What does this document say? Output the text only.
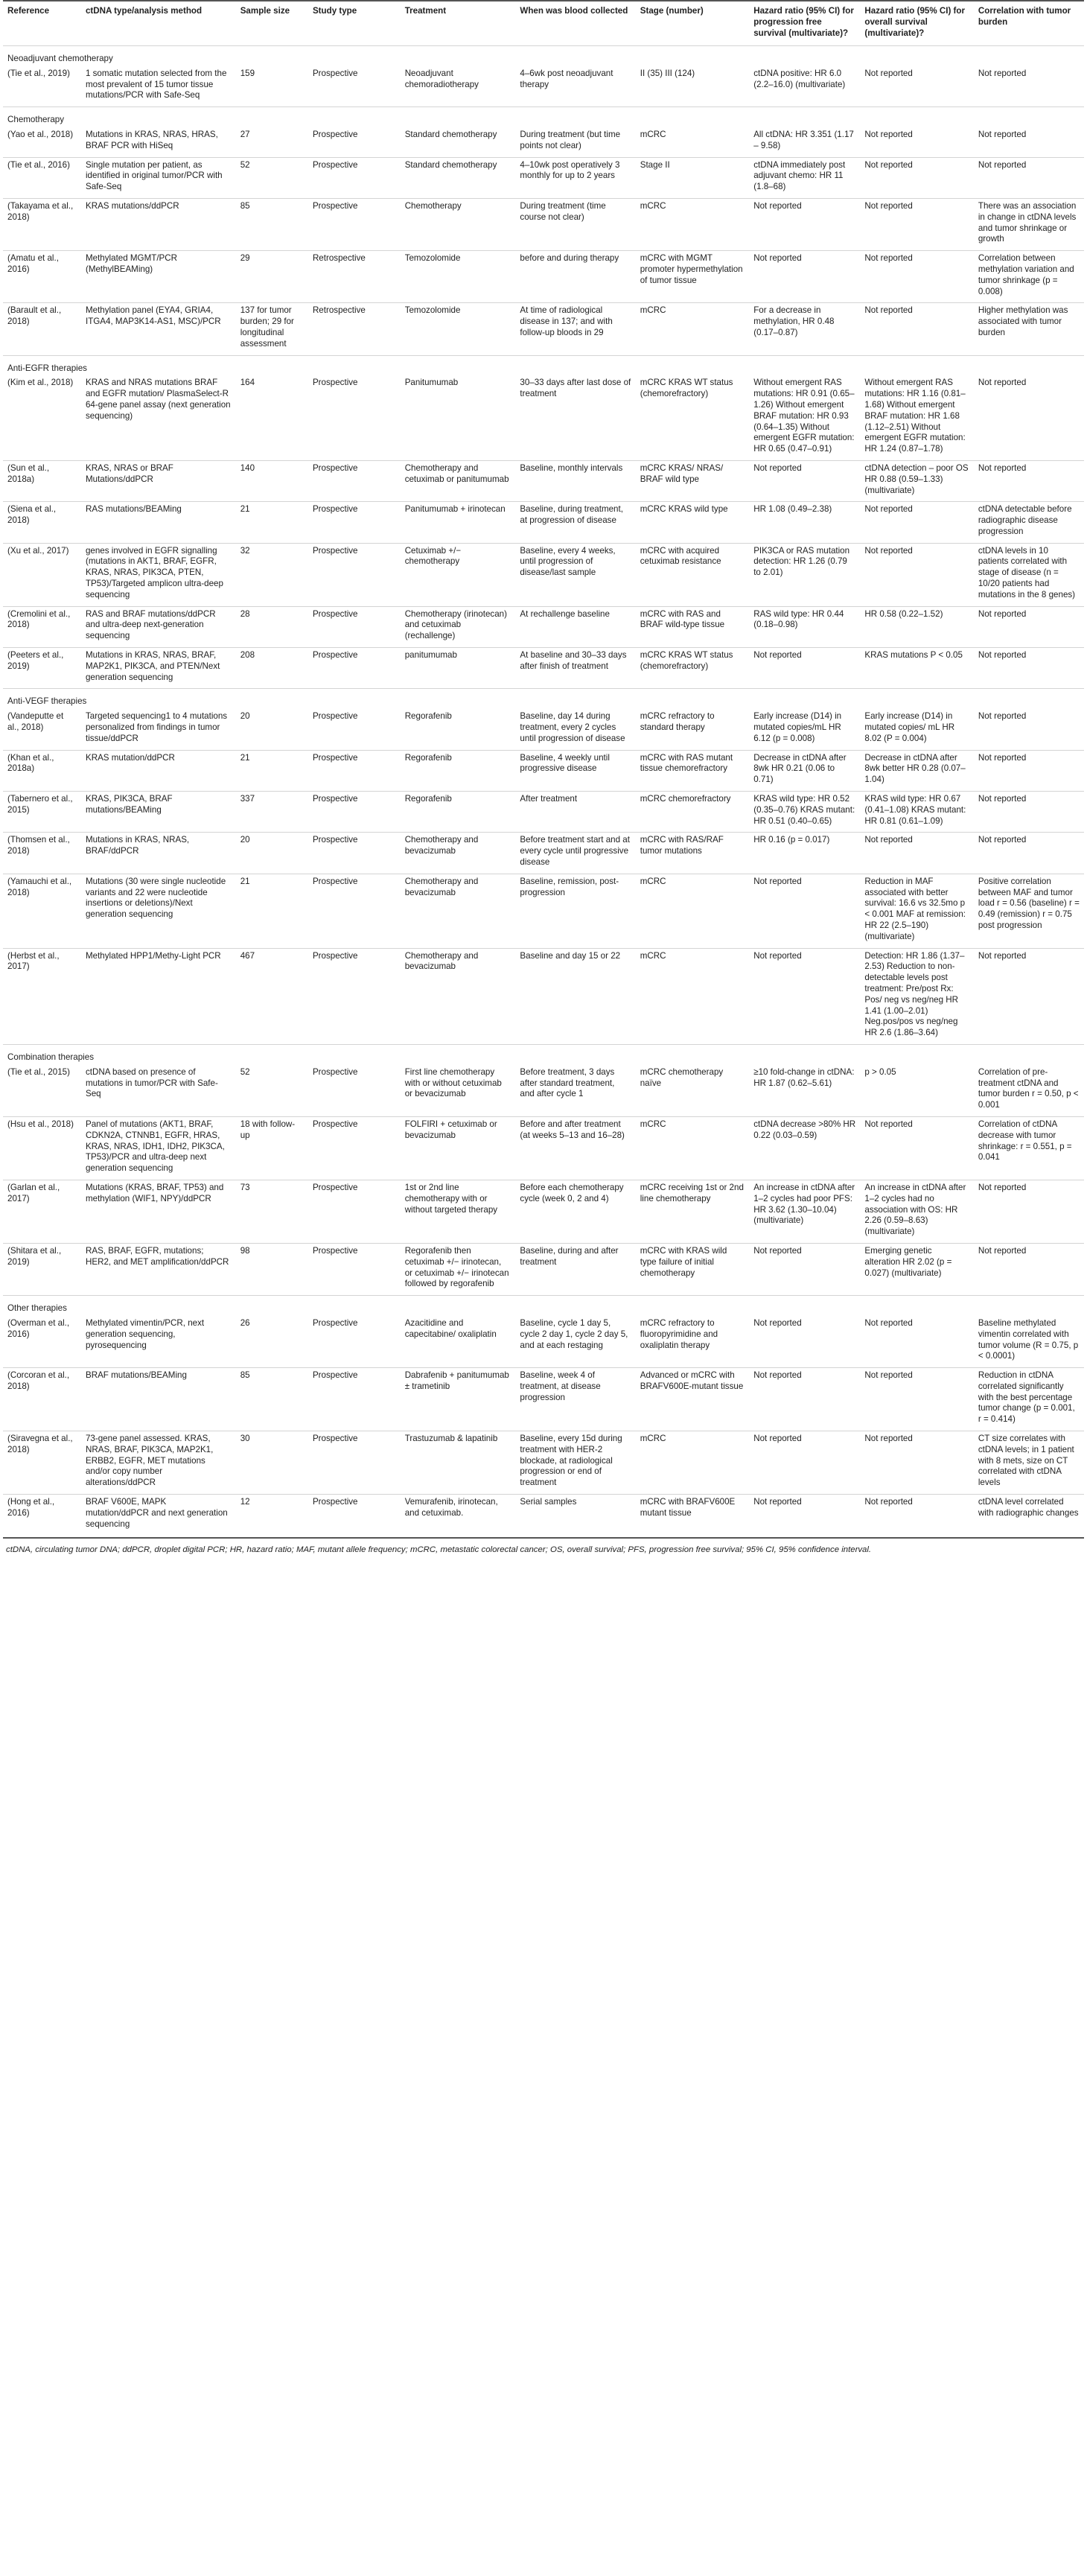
Reference	ctDNA type/analysis method	Sample size	Study type	Treatment	When was blood collected	Stage (number)	Hazard ratio (95% CI) for progression free survival (multivariate)?	Hazard ratio (95% CI) for overall survival (multivariate)?	Correlation with tumor burden
Neoadjuvant chemotherapy									
(Tie et al., 2019)	1 somatic mutation selected from the most prevalent of 15 tumor tissue mutations/PCR with Safe-Seq	159	Prospective	Neoadjuvant chemoradiotherapy	4–6wk post neoadjuvant therapy	II (35) III (124)	ctDNA positive: HR 6.0 (2.2–16.0) (multivariate)	Not reported	Not reported
Chemotherapy									
(Yao et al., 2018)	Mutations in KRAS, NRAS, HRAS, BRAF PCR with HiSeq	27	Prospective	Standard chemotherapy	During treatment (but time points not clear)	mCRC	All ctDNA: HR 3.351 (1.17 – 9.58)	Not reported	Not reported
(Tie et al., 2016)	Single mutation per patient, as identified in original tumor/PCR with Safe-Seq	52	Prospective	Standard chemotherapy	4–10wk post operatively 3 monthly for up to 2 years	Stage II	ctDNA immediately post adjuvant chemo: HR 11 (1.8–68)	Not reported	Not reported
(Takayama et al., 2018)	KRAS mutations/ddPCR	85	Prospective	Chemotherapy	During treatment (time course not clear)	mCRC	Not reported	Not reported	There was an association in change in ctDNA levels and tumor shrinkage or growth
(Amatu et al., 2016)	Methylated MGMT/PCR (MethylBEAMing)	29	Retrospective	Temozolomide	before and during therapy	mCRC with MGMT promoter hypermethylation of tumor tissue	Not reported	Not reported	Correlation between methylation variation and tumor shrinkage (p = 0.008)
(Barault et al., 2018)	Methylation panel (EYA4, GRIA4, ITGA4, MAP3K14-AS1, MSC)/PCR	137 for tumor burden; 29 for longitudinal assessment	Retrospective	Temozolomide	At time of radiological disease in 137; and with follow-up bloods in 29	mCRC	For a decrease in methylation, HR 0.48 (0.17–0.87)	Not reported	Higher methylation was associated with tumor burden
Anti-EGFR therapies									
(Kim et al., 2018)	KRAS and NRAS mutations BRAF and EGFR mutation/ PlasmaSelect-R 64-gene panel assay (next generation sequencing)	164	Prospective	Panitumumab	30–33 days after last dose of treatment	mCRC KRAS WT status (chemorefractory)	Without emergent RAS mutations: HR 0.91 (0.65–1.26) Without emergent BRAF mutation: HR 0.93 (0.64–1.35) Without emergent EGFR mutation: HR 0.65 (0.47–0.91)	Without emergent RAS mutations: HR 1.16 (0.81–1.68) Without emergent BRAF mutation: HR 1.68 (1.12–2.51) Without emergent EGFR mutation: HR 1.24 (0.87–1.78)	Not reported
(Sun et al., 2018a)	KRAS, NRAS or BRAF Mutations/ddPCR	140	Prospective	Chemotherapy and cetuximab or panitumumab	Baseline, monthly intervals	mCRC KRAS/ NRAS/ BRAF wild type	Not reported	ctDNA detection – poor OS HR 0.88 (0.59–1.33) (multivariate)	Not reported
(Siena et al., 2018)	RAS mutations/BEAMing	21	Prospective	Panitumumab + irinotecan	Baseline, during treatment, at progression of disease	mCRC KRAS wild type	HR 1.08 (0.49–2.38)	Not reported	ctDNA detectable before radiographic disease progression
(Xu et al., 2017)	genes involved in EGFR signalling (mutations in AKT1, BRAF, EGFR, KRAS, NRAS, PIK3CA, PTEN, TP53)/Targeted amplicon ultra-deep sequencing	32	Prospective	Cetuximab +/− chemotherapy	Baseline, every 4 weeks, until progression of disease/last sample	mCRC with acquired cetuximab resistance	PIK3CA or RAS mutation detection: HR 1.26 (0.79 to 2.01)	Not reported	ctDNA levels in 10 patients correlated with stage of disease (n = 10/20 patients had mutations in the 8 genes)
(Cremolini et al., 2018)	RAS and BRAF mutations/ddPCR and ultra-deep next-generation sequencing	28	Prospective	Chemotherapy (irinotecan) and cetuximab (rechallenge)	At rechallenge baseline	mCRC with RAS and BRAF wild-type tissue	RAS wild type: HR 0.44 (0.18–0.98)	HR 0.58 (0.22–1.52)	Not reported
(Peeters et al., 2019)	Mutations in KRAS, NRAS, BRAF, MAP2K1, PIK3CA, and PTEN/Next generation sequencing	208	Prospective	panitumumab	At baseline and 30–33 days after finish of treatment	mCRC KRAS WT status (chemorefractory)	Not reported	KRAS mutations P < 0.05	Not reported
Anti-VEGF therapies									
(Vandeputte et al., 2018)	Targeted sequencing1 to 4 mutations personalized from findings in tumor tissue/ddPCR	20	Prospective	Regorafenib	Baseline, day 14 during treatment, every 2 cycles until progression of disease	mCRC refractory to standard therapy	Early increase (D14) in mutated copies/mL HR 6.12 (p = 0.008)	Early increase (D14) in mutated copies/ mL HR 8.02 (P = 0.004)	Not reported
(Khan et al., 2018a)	KRAS mutation/ddPCR	21	Prospective	Regorafenib	Baseline, 4 weekly until progressive disease	mCRC with RAS mutant tissue chemorefractory	Decrease in ctDNA after 8wk HR 0.21 (0.06 to 0.71)	Decrease in ctDNA after 8wk better HR 0.28 (0.07–1.04)	Not reported
(Tabernero et al., 2015)	KRAS, PIK3CA, BRAF mutations/BEAMing	337	Prospective	Regorafenib	After treatment	mCRC chemorefractory	KRAS wild type: HR 0.52 (0.35–0.76) KRAS mutant: HR 0.51 (0.40–0.65)	KRAS wild type: HR 0.67 (0.41–1.08) KRAS mutant: HR 0.81 (0.61–1.09)	Not reported
(Thomsen et al., 2018)	Mutations in KRAS, NRAS, BRAF/ddPCR	20	Prospective	Chemotherapy and bevacizumab	Before treatment start and at every cycle until progressive disease	mCRC with RAS/RAF tumor mutations	HR 0.16 (p = 0.017)	Not reported	Not reported
(Yamauchi et al., 2018)	Mutations (30 were single nucleotide variants and 22 were nucleotide insertions or deletions)/Next generation sequencing	21	Prospective	Chemotherapy and bevacizumab	Baseline, remission, post-progression	mCRC	Not reported	Reduction in MAF associated with better survival: 16.6 vs 32.5mo p < 0.001 MAF at remission: HR 22 (2.5–190) (multivariate)	Positive correlation between MAF and tumor load r = 0.56 (baseline) r = 0.49 (remission) r = 0.75 post progression
(Herbst et al., 2017)	Methylated HPP1/Methy-Light PCR	467	Prospective	Chemotherapy and bevacizumab	Baseline and day 15 or 22	mCRC	Not reported	Detection: HR 1.86 (1.37–2.53) Reduction to non-detectable levels post treatment: Pre/post Rx: Pos/ neg vs neg/neg HR 1.41 (1.00–2.01) Neg.pos/pos vs neg/neg HR 2.6 (1.86–3.64)	Not reported
Combination therapies									
(Tie et al., 2015)	ctDNA based on presence of mutations in tumor/PCR with Safe-Seq	52	Prospective	First line chemotherapy with or without cetuximab or bevacizumab	Before treatment, 3 days after standard treatment, and after cycle 1	mCRC chemotherapy naïve	≥10 fold-change in ctDNA: HR 1.87 (0.62–5.61)	p > 0.05	Correlation of pre-treatment ctDNA and tumor burden r = 0.50, p < 0.001
(Hsu et al., 2018)	Panel of mutations (AKT1, BRAF, CDKN2A, CTNNB1, EGFR, HRAS, KRAS, NRAS, IDH1, IDH2, PIK3CA, TP53)/PCR and ultra-deep next generation sequencing	18 with follow-up	Prospective	FOLFIRI + cetuximab or bevacizumab	Before and after treatment (at weeks 5–13 and 16–28)	mCRC	ctDNA decrease >80% HR 0.22 (0.03–0.59)	Not reported	Correlation of ctDNA decrease with tumor shrinkage: r = 0.551, p = 0.041
(Garlan et al., 2017)	Mutations (KRAS, BRAF, TP53) and methylation (WIF1, NPY)/ddPCR	73	Prospective	1st or 2nd line chemotherapy with or without targeted therapy	Before each chemotherapy cycle (week 0, 2 and 4)	mCRC receiving 1st or 2nd line chemotherapy	An increase in ctDNA after 1–2 cycles had poor PFS: HR 3.62 (1.30–10.04) (multivariate)	An increase in ctDNA after 1–2 cycles had no association with OS: HR 2.26 (0.59–8.63) (multivariate)	Not reported
(Shitara et al., 2019)	RAS, BRAF, EGFR, mutations; HER2, and MET amplification/ddPCR	98	Prospective	Regorafenib then cetuximab +/− irinotecan, or cetuximab +/− irinotecan followed by regorafenib	Baseline, during and after treatment	mCRC with KRAS wild type failure of initial chemotherapy	Not reported	Emerging genetic alteration HR 2.02 (p = 0.027) (multivariate)	Not reported
Other therapies									
(Overman et al., 2016)	Methylated vimentin/PCR, next generation sequencing, pyrosequencing	26	Prospective	Azacitidine and capecitabine/ oxaliplatin	Baseline, cycle 1 day 5, cycle 2 day 1, cycle 2 day 5, and at each restaging	mCRC refractory to fluoropyrimidine and oxaliplatin therapy	Not reported	Not reported	Baseline methylated vimentin correlated with tumor volume (R = 0.75, p < 0.0001)
(Corcoran et al., 2018)	BRAF mutations/BEAMing	85	Prospective	Dabrafenib + panitumumab ± trametinib	Baseline, week 4 of treatment, at disease progression	Advanced or mCRC with BRAFV600E-mutant tissue	Not reported	Not reported	Reduction in ctDNA correlated significantly with the best percentage tumor change (p = 0.001, r = 0.414)
(Siravegna et al., 2018)	73-gene panel assessed. KRAS, NRAS, BRAF, PIK3CA, MAP2K1, ERBB2, EGFR, MET mutations and/or copy number alterations/ddPCR	30	Prospective	Trastuzumab & lapatinib	Baseline, every 15d during treatment with HER-2 blockade, at radiological progression or end of treatment	mCRC	Not reported	Not reported	CT size correlates with ctDNA levels; in 1 patient with 8 mets, size on CT correlated with ctDNA levels
(Hong et al., 2016)	BRAF V600E, MAPK mutation/ddPCR and next generation sequencing	12	Prospective	Vemurafenib, irinotecan, and cetuximab.	Serial samples	mCRC with BRAFV600E mutant tissue	Not reported	Not reported	ctDNA level correlated with radiographic changes
ctDNA, circulating tumor DNA; ddPCR, droplet digital PCR; HR, hazard ratio; MAF, mutant allele frequency; mCRC, metastatic colorectal cancer; OS, overall survival; PFS, progression free survival; 95% CI, 95% confidence interval.
